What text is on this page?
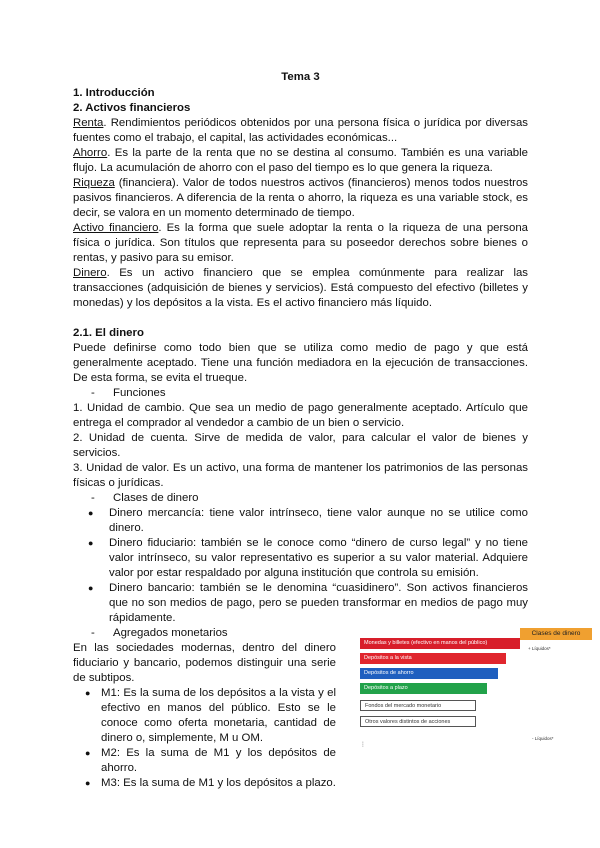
Tema 3
1. Introducción
2. Activos financieros

Renta. Rendimientos periódicos obtenidos por una persona física o jurídica por diversas fuentes como el trabajo, el capital, las actividades económicas...

Ahorro. Es la parte de la renta que no se destina al consumo. También es una variable flujo. La acumulación de ahorro con el paso del tiempo es lo que genera la riqueza.

Riqueza (financiera). Valor de todos nuestros activos (financieros) menos todos nuestros pasivos financieros. A diferencia de la renta o ahorro, la riqueza es una variable stock, es decir, se valora en un momento determinado de tiempo.

Activo financiero. Es la forma que suele adoptar la renta o la riqueza de una persona física o jurídica. Son títulos que representa para su poseedor derechos sobre bienes o rentas, y pasivo para su emisor.

Dinero. Es un activo financiero que se emplea comúnmente para realizar las transacciones (adquisición de bienes y servicios). Está compuesto del efectivo (billetes y monedas) y los depósitos a la vista. Es el activo financiero más líquido.

2.1. El dinero

Puede definirse como todo bien que se utiliza como medio de pago y que está generalmente aceptado. Tiene una función mediadora en la ejecución de transacciones. De esta forma, se evita el trueque.

- Funciones

1. Unidad de cambio. Que sea un medio de pago generalmente aceptado. Artículo que entrega el comprador al vendedor a cambio de un bien o servicio.

2. Unidad de cuenta. Sirve de medida de valor, para calcular el valor de bienes y servicios.

3. Unidad de valor. Es un activo, una forma de mantener los patrimonios de las personas físicas o jurídicas.

- Clases de dinero
● Dinero mercancía: tiene valor intrínseco, tiene valor aunque no se utilice como dinero.
● Dinero fiduciario: también se le conoce como “dinero de curso legal” y no tiene valor intrínseco, su valor representativo es superior a su valor material. Adquiere valor por estar respaldado por alguna institución que controla su emisión.
● Dinero bancario: también se le denomina “cuasidinero”. Son activos financieros que no son medios de pago, pero se pueden transformar en medios de pago muy rápidamente.
- Agregados monetarios

En las sociedades modernas, dentro del dinero fiduciario y bancario, podemos distinguir una serie de subtipos.

● M1: Es la suma de los depósitos a la vista y el efectivo en manos del público. Esto se le conoce como oferta monetaria, cantidad de dinero o, simplemente, M u OM.
● M2: Es la suma de M1 y los depósitos de ahorro.
● M3: Es la suma de M1 y los depósitos a plazo.
Clases de dinero
Monedas y billetes (efectivo en manos del público)
Depósitos a la vista
Depósitos de ahorro
Depósitos a plazo
Fondos del mercado monetario
Otros valores distintos de acciones
+ Líquidos*
- Líquidos*
⋮
